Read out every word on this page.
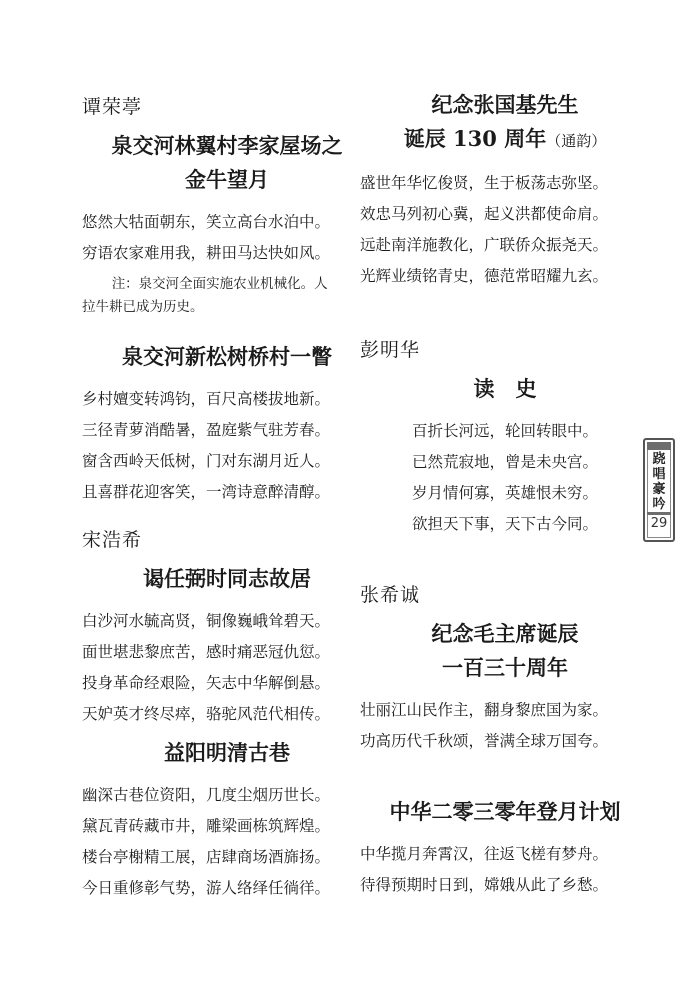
谭荣葶
泉交河林翼村李家屋场之
金牛望月
悠然大牯面朝东，笑立高台水泊中。
穷语农家难用我，耕田马达快如风。
注：泉交河全面实施农业机械化。人
拉牛耕已成为历史。
泉交河新松树桥村一瞥
乡村嬗变转鸿钧，百尺高楼拔地新。
三径青萝消酷暑，盈庭紫气驻芳春。
窗含西岭天低树，门对东湖月近人。
且喜群花迎客笑，一湾诗意醉清醇。
宋浩希
谒任弼时同志故居
白沙河水毓高贤，铜像巍峨耸碧天。
面世堪悲黎庶苦，感时痛恶冠仇愆。
投身革命经艰险，矢志中华解倒悬。
天妒英才终尽瘁，骆驼风范代相传。
益阳明清古巷
幽深古巷位资阳，几度尘烟历世长。
黛瓦青砖藏市井，雕梁画栋筑辉煌。
楼台亭榭精工展，店肆商场酒旆扬。
今日重修彰气势，游人络绎任徜徉。
纪念张国基先生
诞辰 130 周年（通韵）
盛世年华忆俊贤，生于板荡志弥坚。
效忠马列初心冀，起义洪都使命肩。
远赴南洋施教化，广联侨众振尧天。
光辉业绩铭青史，德范常昭耀九玄。
彭明华
读　史
百折长河远，轮回转眼中。
已然荒寂地，曾是未央宫。
岁月情何寡，英雄恨未穷。
欲担天下事，天下古今同。
张希诚
纪念毛主席诞辰
一百三十周年
壮丽江山民作主，翻身黎庶国为家。
功高历代千秋颂，誉满全球万国夸。
中华二零三零年登月计划
中华揽月奔霄汉，往返飞槎有梦舟。
待得预期时日到，嫦娥从此了乡愁。
跷
唱
豪
吟
29
